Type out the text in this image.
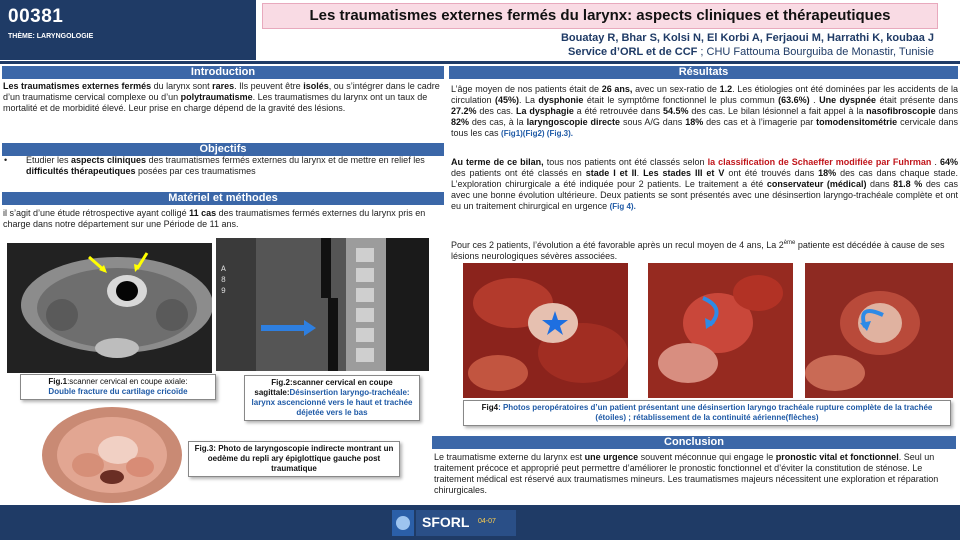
00381
THÈME: LARYNGOLOGIE
Les traumatismes externes fermés du larynx: aspects cliniques et thérapeutiques
Bouatay R, Bhar S, Kolsi N, El Korbi A, Ferjaoui M, Harrathi K, koubaa J
Service d’ORL et de CCF ; CHU Fattouma Bourguiba de Monastir, Tunisie
Introduction
Les traumatismes externes fermés du larynx sont rares. Ils peuvent être isolés, ou s’intégrer dans le cadre d’un traumatisme cervical complexe ou d’un polytraumatisme. Les traumatismes du larynx ont un taux de mortalité et de morbidité élevé. Leur prise en charge dépend de la gravité des lésions.
Objectifs
• Etudier les aspects cliniques des traumatismes fermés externes du larynx et de mettre en relief les difficultés thérapeutiques posées par ces traumatismes
Matériel et méthodes
il s’agit d’une étude rétrospective ayant colligé 11 cas des traumatismes fermés externes du larynx pris en charge dans notre département sur une Période de 11 ans.
Fig.1:scanner cervical en coupe axiale:
Double fracture du cartilage cricoïde
A
8
9
Fig.2:scanner cervical en coupe sagittale:Désinsertion laryngo-trachéale: larynx ascencionné vers le haut et trachée déjetée vers le bas
Fig.3: Photo de laryngoscopie indirecte montrant un oedème du repli ary épiglottique gauche post traumatique
Résultats
L’âge moyen de nos patients était de 26 ans, avec un sex-ratio de 1.2. Les étiologies ont été dominées par les accidents de la circulation (45%). La dysphonie était le symptôme fonctionnel le plus commun (63.6%) . Une dyspnée était présente dans 27.2% des cas. La dysphagie a été retrouvée dans 54.5% des cas. Le bilan lésionnel a fait appel à la nasofibroscopie dans 82% des cas, à la laryngoscopie directe sous A/G dans 18% des cas et à l’imagerie par tomodensitométrie cervicale dans tous les cas (Fig1)(Fig2) (Fig.3).
Au terme de ce bilan, tous nos patients ont été classés selon la classification de Schaeffer modifiée par Fuhrman . 64% des patients ont été classés en stade I et II. Les stades III et V ont été trouvés dans 18% des cas dans chaque stade. L’exploration chirurgicale a été indiquée pour 2 patients. Le traitement a été conservateur (médical) dans 81.8 % des cas avec une bonne évolution ultérieure. Deux patients se sont présentés avec une désinsertion laryngo-trachéale complète et ont eu un traitement chirurgical en urgence (Fig 4).
Pour ces 2 patients, l’évolution a été favorable après un recul moyen de 4 ans, La 2ème patiente est décédée à cause de ses lésions neurologiques sévères associées.
Fig4: Photos peropératoires d’un patient présentant une désinsertion laryngo trachéale rupture complète de la trachée (étoiles) ; rétablissement de la continuité aérienne(flèches)
Conclusion
Le traumatisme externe du larynx est une urgence souvent méconnue qui engage le pronostic vital et fonctionnel. Seul un traitement précoce et approprié peut permettre d’améliorer le pronostic fonctionnel et d’éviter la constitution de sténose. Le traitement médical est réservé aux traumatismes mineurs. Les traumatismes majeurs nécessitent une exploration et réparation chirurgicales.
SFORL 04-07
